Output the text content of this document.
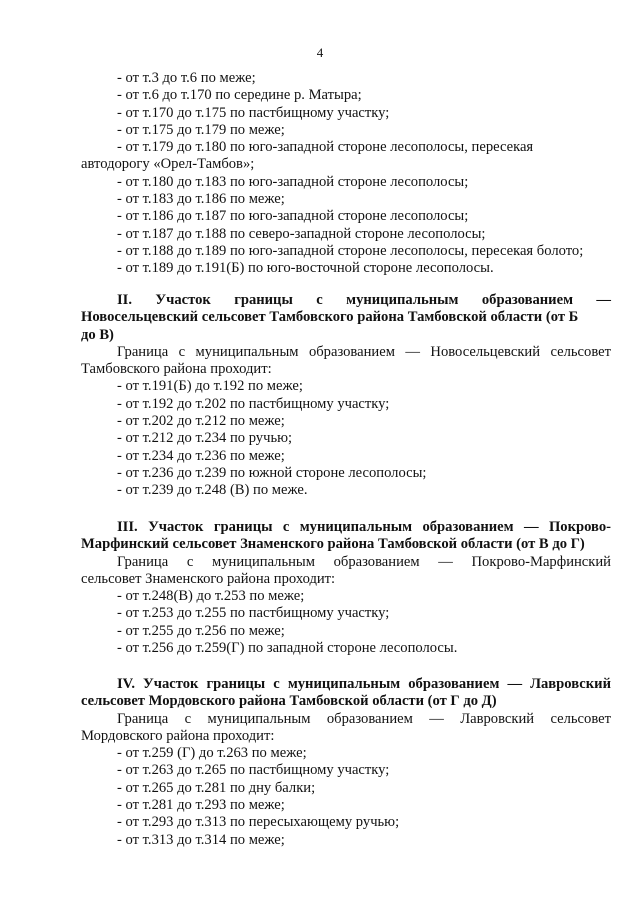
4
- от т.3 до т.6 по меже;
- от т.6 до т.170 по середине р. Матыра;
- от т.170 до т.175 по пастбищному участку;
- от т.175 до т.179 по меже;
- от т.179 до т.180 по юго-западной стороне лесополосы, пересекая
автодорогу «Орел-Тамбов»;
- от т.180 до т.183 по юго-западной стороне лесополосы;
- от т.183 до т.186 по меже;
- от т.186 до т.187 по юго-западной стороне лесополосы;
- от т.187 до т.188 по северо-западной стороне лесополосы;
- от т.188 до т.189 по юго-западной стороне лесополосы, пересекая болото;
- от т.189 до т.191(Б) по юго-восточной стороне лесополосы.
II. Участок границы с муниципальным образованием —
Новосельцевский сельсовет Тамбовского района Тамбовской области (от Б
до В)
Граница с муниципальным образованием — Новосельцевский сельсовет
Тамбовского района проходит:
- от т.191(Б) до т.192 по меже;
- от т.192 до т.202 по пастбищному участку;
- от т.202 до т.212 по меже;
- от т.212 до т.234 по ручью;
- от т.234 до т.236 по меже;
- от т.236 до т.239 по южной стороне лесополосы;
- от т.239 до т.248 (В) по меже.
III. Участок границы с муниципальным образованием — Покрово-
Марфинский сельсовет Знаменского района Тамбовской области (от В до Г)
Граница с муниципальным образованием — Покрово-Марфинский
сельсовет Знаменского района проходит:
- от т.248(В) до т.253 по меже;
- от т.253 до т.255 по пастбищному участку;
- от т.255 до т.256 по меже;
- от т.256 до т.259(Г) по западной стороне лесополосы.
IV. Участок границы с муниципальным образованием — Лавровский
сельсовет Мордовского района Тамбовской области (от Г до Д)
Граница с муниципальным образованием — Лавровский сельсовет
Мордовского района проходит:
- от т.259 (Г) до т.263 по меже;
- от т.263 до т.265 по пастбищному участку;
- от т.265 до т.281 по дну балки;
- от т.281 до т.293 по меже;
- от т.293 до т.313 по пересыхающему ручью;
- от т.313 до т.314 по меже;
